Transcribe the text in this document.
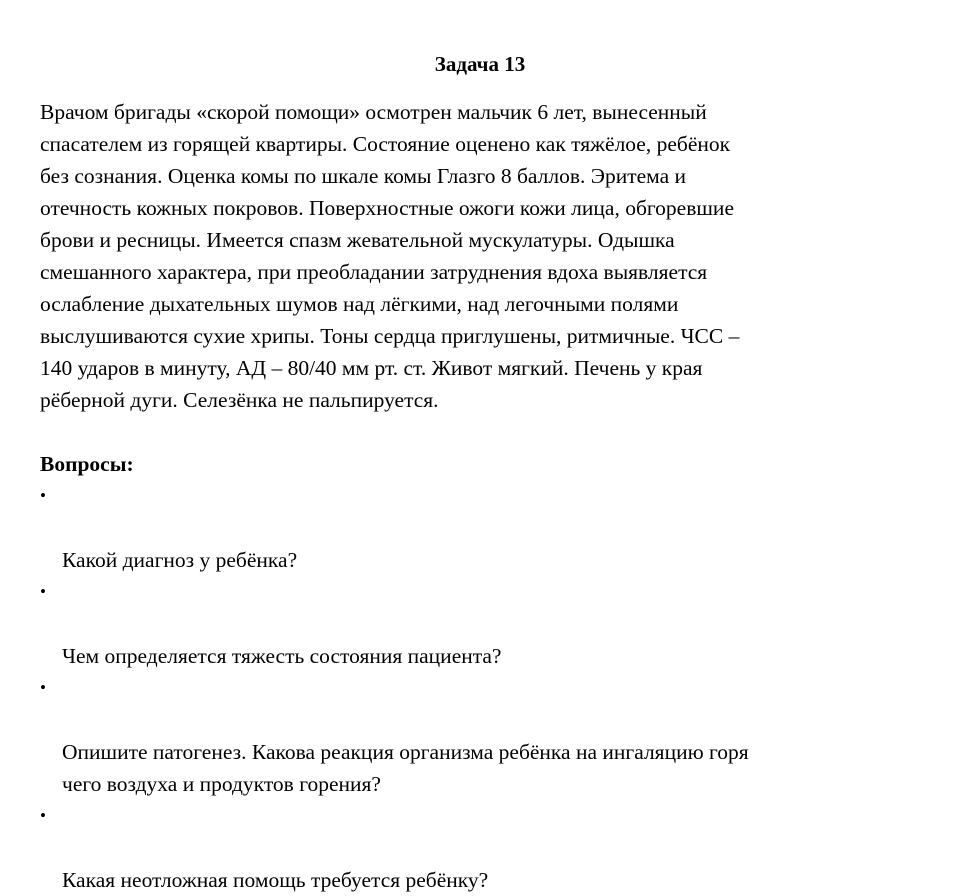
Задача 13

Врачом бригады «скорой помощи» осмотрен мальчик 6 лет, вынесенный
спасателем из горящей квартиры. Состояние оценено как тяжёлое, ребёнок
без сознания. Оценка комы по шкале комы Глазго 8 баллов. Эритема и
отечность кожных покровов. Поверхностные ожоги кожи лица, обгоревшие
брови и ресницы. Имеется спазм жевательной мускулатуры. Одышка
смешанного характера, при преобладании затруднения вдоха выявляется
ослабление дыхательных шумов над лёгкими, над легочными полями
выслушиваются сухие хрипы. Тоны сердца приглушены, ритмичные. ЧСС –
140 ударов в минуту, АД – 80/40 мм рт. ст. Живот мягкий. Печень у края
рёберной дуги. Селезёнка не пальпируется.

Вопросы:

•

Какой диагноз у ребёнка?

•

Чем определяется тяжесть состояния пациента?

•

Опишите патогенез. Какова реакция организма ребёнка на ингаляцию горя
чего воздуха и продуктов горения?

•

Какая неотложная помощь требуется ребёнку?
